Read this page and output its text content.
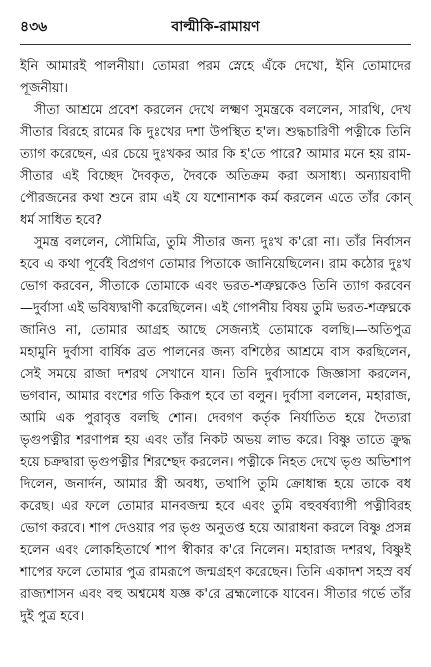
৪৩৬	বাল্মীকি-রামায়ণ

ইনি আমারই পালনীয়া। তোমরা পরম স্নেহে এঁকে দেখো, ইনি তোমাদের পূজনীয়া।

সীতা আশ্রমে প্রবেশ করলেন দেখে লক্ষ্মণ সুমন্ত্রকে বললেন, সারথি, দেখ সীতার বিরহে রামের কি দুঃখের দশা উপস্থিত হ'ল। শুদ্ধচারিণী পত্নীকে তিনি ত্যাগ করেছেন, এর চেয়ে দুঃখকর আর কি হ'তে পারে? আমার মনে হয় রাম-সীতার এই বিচ্ছেদ দৈবকৃত, দৈবকে অতিক্রম করা অসাধ্য। অন্যায়বাদী পৌরজনের কথা শুনে রাম এই যে যশোনাশক কর্ম করলেন এতে তাঁর কোন্ ধর্ম সাধিত হবে?

সুমন্ত্র বললেন, সৌমিত্রি, তুমি সীতার জন্য দুঃখ ক'রো না। তাঁর নির্বাসন হবে এ কথা পূর্বেই বিপ্রগণ তোমার পিতাকে জানিয়েছিলেন। রাম কঠোর দুঃখ ভোগ করবেন, সীতাকে তোমাকে এবং ভরত-শত্রুঘ্নকেও তিনি ত্যাগ করবেন—দুর্বাসা এই ভবিষ্যদ্বাণী করেছিলেন। এই গোপনীয় বিষয় তুমি ভরত-শত্রুঘ্নকে জানিও না, তোমার আগ্রহ আছে সেজন্যই তোমাকে বলছি।—অতিপুত্র মহামুনি দুর্বাসা বার্ষিক ব্রত পালনের জন্য বশিষ্ঠের আশ্রমে বাস করছিলেন, সেই সময়ে রাজা দশরথ সেখানে যান। তিনি দুর্বাসাকে জিজ্ঞাসা করলেন, ভগবান, আমার বংশের গতি কিরূপ হবে তা বলুন। দুর্বাসা বললেন, মহারাজ, আমি এক পুরাবৃত্ত বলছি শোন। দেবগণ কর্তৃক নির্যাতিত হয়ে দৈত্যরা ভৃগুপত্নীর শরণাপন্ন হয় এবং তাঁর নিকট অভয় লাভ করে। বিষ্ণু তাতে ক্রুদ্ধ হয়ে চক্রদ্বারা ভৃগুপত্নীর শিরশ্ছেদ করলেন। পত্নীকে নিহত দেখে ভৃগু অভিশাপ দিলেন, জনার্দন, আমার স্ত্রী অবধ্য, তথাপি তুমি ক্রোধান্ধ হয়ে তাকে বধ করেছ। এর ফলে তোমার মানবজন্ম হবে এবং তুমি বহুবর্ষব্যাপী পত্নীবিরহ ভোগ করবে। শাপ দেওয়ার পর ভৃগু অনুতপ্ত হয়ে আরাধনা করলে বিষ্ণু প্রসন্ন হলেন এবং লোকহিতার্থে শাপ স্বীকার ক'রে নিলেন। মহারাজ দশরথ, বিষ্ণুই শাপের ফলে তোমার পুত্র রামরূপে জন্মগ্রহণ করেছেন। তিনি একাদশ সহস্র বর্ষ রাজ্যশাসন এবং বহু অশ্বমেধ যজ্ঞ ক'রে ব্রহ্মলোকে যাবেন। সীতার গর্ভে তাঁর দুই পুত্র হবে।
